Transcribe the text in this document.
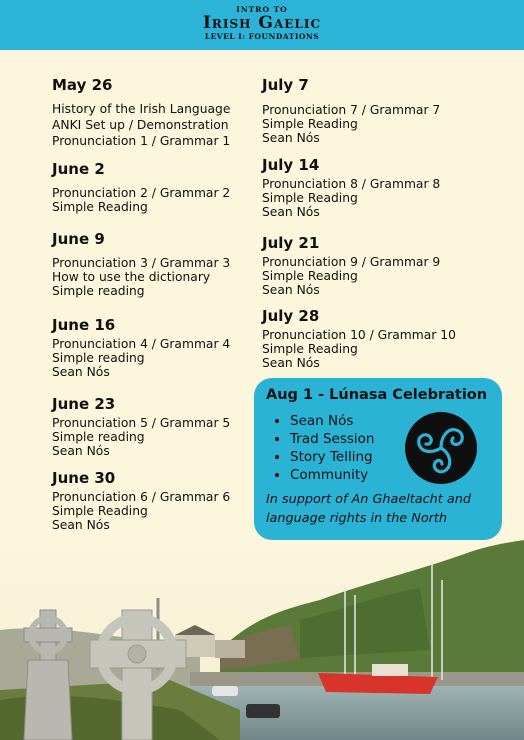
INTRO TO
Irish Gaelic
LEVEL I: FOUNDATIONS
May 26
History of the Irish Language
ANKI Set up / Demonstration
Pronunciation 1 / Grammar 1
June 2
Pronunciation 2 / Grammar 2
Simple Reading
June 9
Pronunciation 3 / Grammar 3
How to use the dictionary
Simple reading
June 16
Pronunciation 4 / Grammar 4
Simple reading
Sean Nós
June 23
Pronunciation 5 / Grammar 5
Simple reading
Sean Nós
June 30
Pronunciation 6 / Grammar 6
Simple Reading
Sean Nós
July 7
Pronunciation 7 / Grammar 7
Simple Reading
Sean Nós
July 14
Pronunciation 8 / Grammar 8
Simple Reading
Sean Nós
July 21
Pronunciation 9 / Grammar 9
Simple Reading
Sean Nós
July 28
Pronunciation 10 / Grammar 10
Simple Reading
Sean Nós
Aug 1 - Lúnasa Celebration
• Sean Nós
• Trad Session
• Story Telling
• Community
In support of An Ghaeltacht and
language rights in the North
